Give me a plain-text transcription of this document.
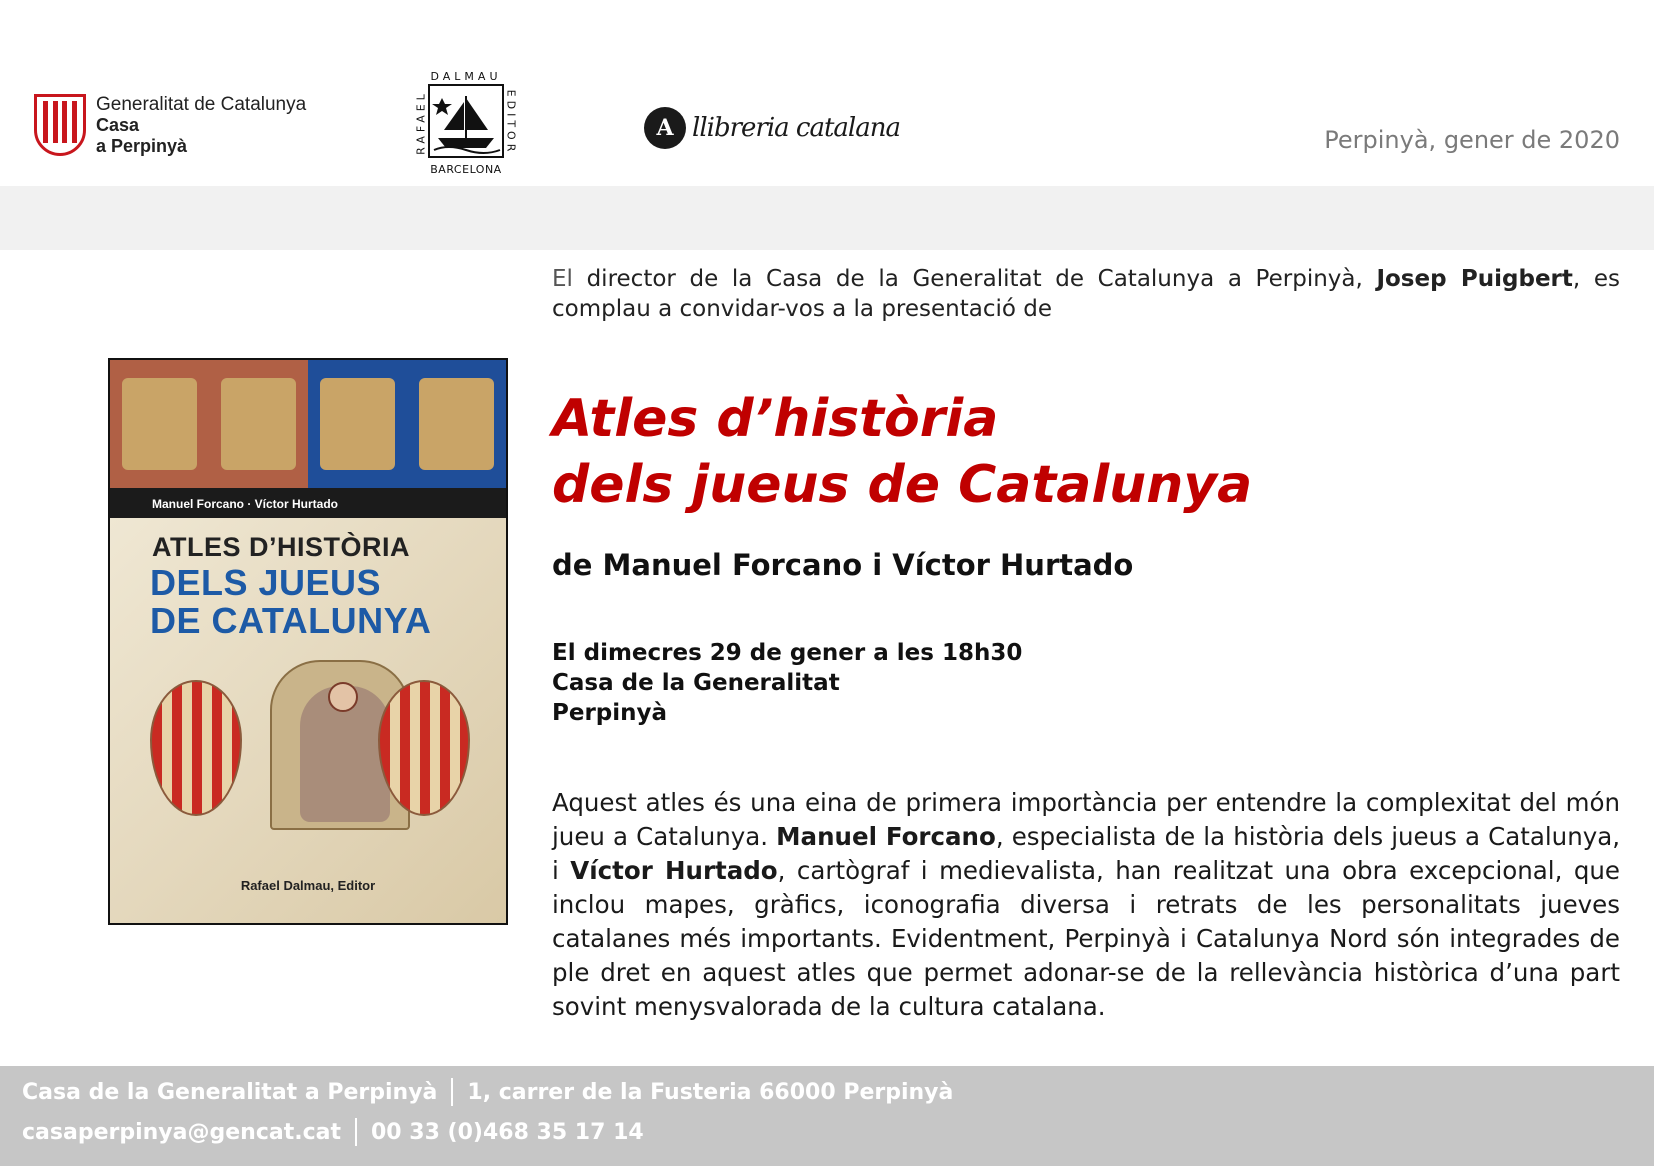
Generalitat de Catalunya
Casa
a Perpinyà
DALMAU
RAFAEL	EDITOR
BARCELONA
A llibreria catalana	Perpinyà, gener de 2020
Manuel Forcano · Víctor Hurtado
ATLES D’HISTÒRIA
DELS JUEUS
DE CATALUNYA
Rafael Dalmau, Editor
El director de la Casa de la Generalitat de Catalunya a Perpinyà, Josep Puigbert, es complau a convidar-vos a la presentació de
Atles d’història
dels jueus de Catalunya
de Manuel Forcano i Víctor Hurtado
El dimecres 29 de gener a les 18h30
Casa de la Generalitat
Perpinyà
Aquest atles és una eina de primera importància per entendre la complexitat del món jueu a Catalunya. Manuel Forcano, especialista de la història dels jueus a Catalunya, i Víctor Hurtado, cartògraf i medievalista, han realitzat una obra excepcional, que inclou mapes, gràfics, iconografia diversa i retrats de les personalitats jueves catalanes més importants. Evidentment, Perpinyà i Catalunya Nord són integrades de ple dret en aquest atles que permet adonar-se de la rellevància històrica d’una part sovint menysvalorada de la cultura catalana.
Casa de la Generalitat a Perpinyà 1, carrer de la Fusteria 66000 Perpinyà
casaperpinya@gencat.cat 00 33 (0)468 35 17 14
